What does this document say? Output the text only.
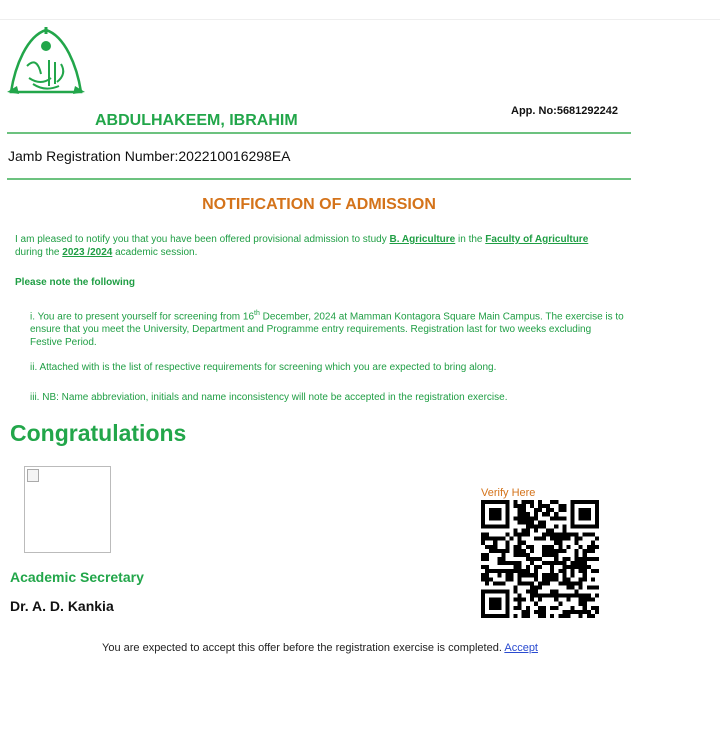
App. No:5681292242
ABDULHAKEEM, IBRAHIM
Jamb Registration Number:202210016298EA
NOTIFICATION OF ADMISSION
I am pleased to notify you that you have been offered provisional admission to study B. Agriculture in the Faculty of Agriculture during the 2023 /2024 academic session.
Please note the following
i. You are to present yourself for screening from 16th December, 2024 at Mamman Kontagora Square Main Campus. The exercise is to ensure that you meet the University, Department and Programme entry requirements. Registration last for two weeks excluding Festive Period.
ii. Attached with is the list of respective requirements for screening which you are expected to bring along.
iii. NB: Name abbreviation, initials and name inconsistency will note be accepted in the registration exercise.
Congratulations
Academic Secretary
Dr. A. D. Kankia
Verify Here
You are expected to accept this offer before the registration exercise is completed. Accept
